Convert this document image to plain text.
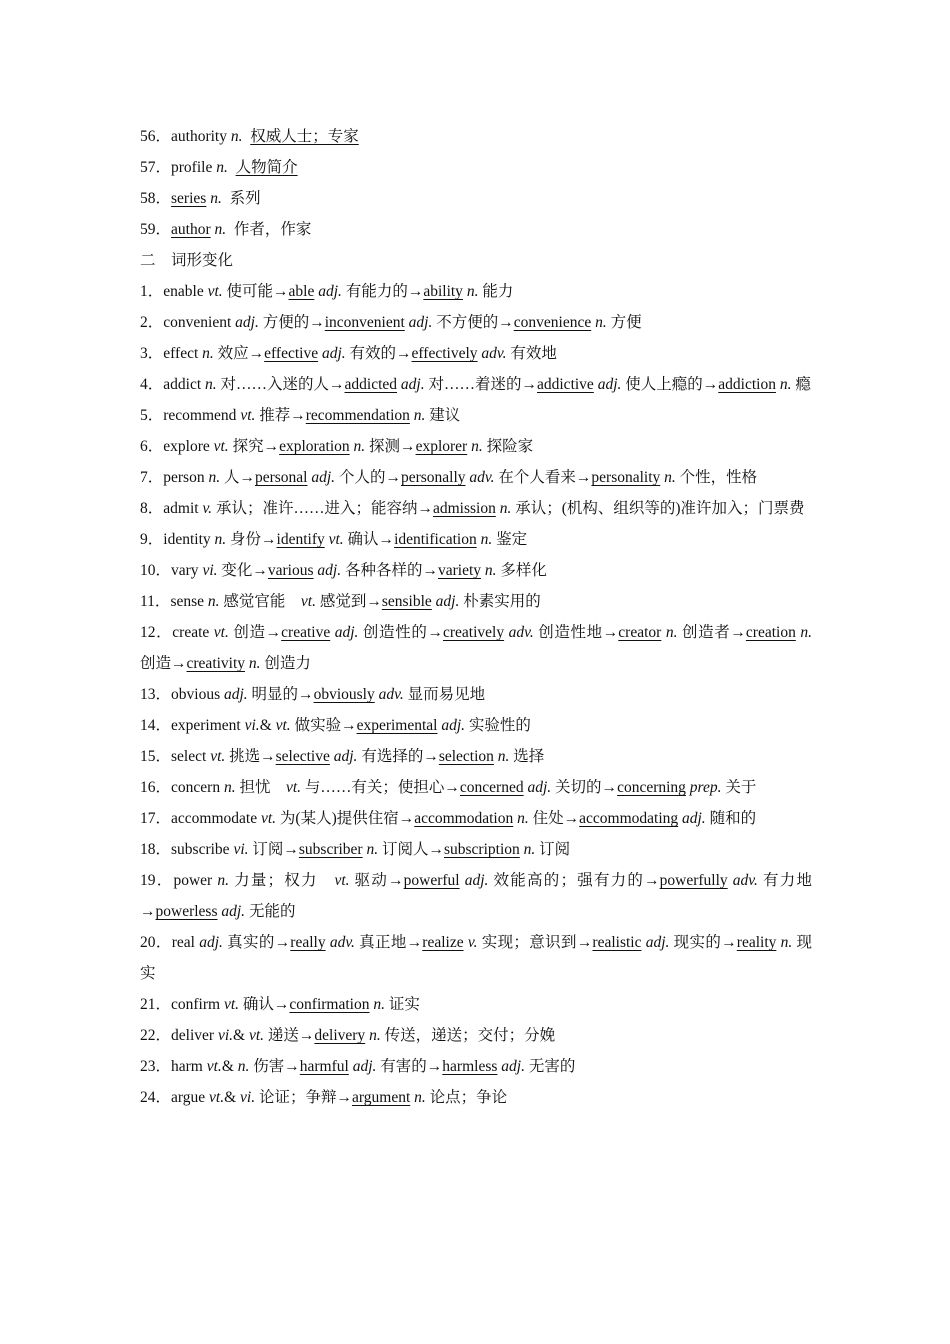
56．authority n. 权威人士；专家
57．profile n. 人物简介
58．series n.  系列
59．author n.  作者，作家
二　词形变化
1．enable vt. 使可能→able adj. 有能力的→ability n. 能力
2．convenient adj. 方便的→inconvenient adj. 不方便的→convenience n. 方便
3．effect n. 效应→effective adj. 有效的→effectively adv. 有效地
4．addict n. 对……入迷的人→addicted adj. 对……着迷的→addictive adj. 使人上瘾的→addiction n. 瘾
5．recommend vt. 推荐→recommendation n. 建议
6．explore vt. 探究→exploration n. 探测→explorer n. 探险家
7．person n. 人→personal adj. 个人的→personally adv. 在个人看来→personality n. 个性，性格
8．admit v. 承认；准许……进入；能容纳→admission n. 承认；(机构、组织等的)准许加入；门票费
9．identity n. 身份→identify vt. 确认→identification n. 鉴定
10．vary vi. 变化→various adj. 各种各样的→variety n. 多样化
11．sense n. 感觉官能　vt. 感觉到→sensible adj. 朴素实用的
12．create vt. 创造→creative adj. 创造性的→creatively adv. 创造性地→creator n. 创造者→creation n. 创造→creativity n. 创造力
13．obvious adj. 明显的→obviously adv. 显而易见地
14．experiment vi.& vt. 做实验→experimental adj. 实验性的
15．select vt. 挑选→selective adj. 有选择的→selection n. 选择
16．concern n. 担忧　vt. 与……有关；使担心→concerned adj. 关切的→concerning prep. 关于
17．accommodate vt. 为(某人)提供住宿→accommodation n. 住处→accommodating adj. 随和的
18．subscribe vi. 订阅→subscriber n. 订阅人→subscription n. 订阅
19．power n. 力量；权力　vt. 驱动→powerful adj. 效能高的；强有力的→powerfully adv. 有力地→powerless adj. 无能的
20．real adj. 真实的→really adv. 真正地→realize v. 实现；意识到→realistic adj. 现实的→reality n. 现实
21．confirm vt. 确认→confirmation n. 证实
22．deliver vi.& vt. 递送→delivery n. 传送，递送；交付；分娩
23．harm vt.& n. 伤害→harmful adj. 有害的→harmless adj. 无害的
24．argue vt.& vi. 论证；争辩→argument n. 论点；争论
